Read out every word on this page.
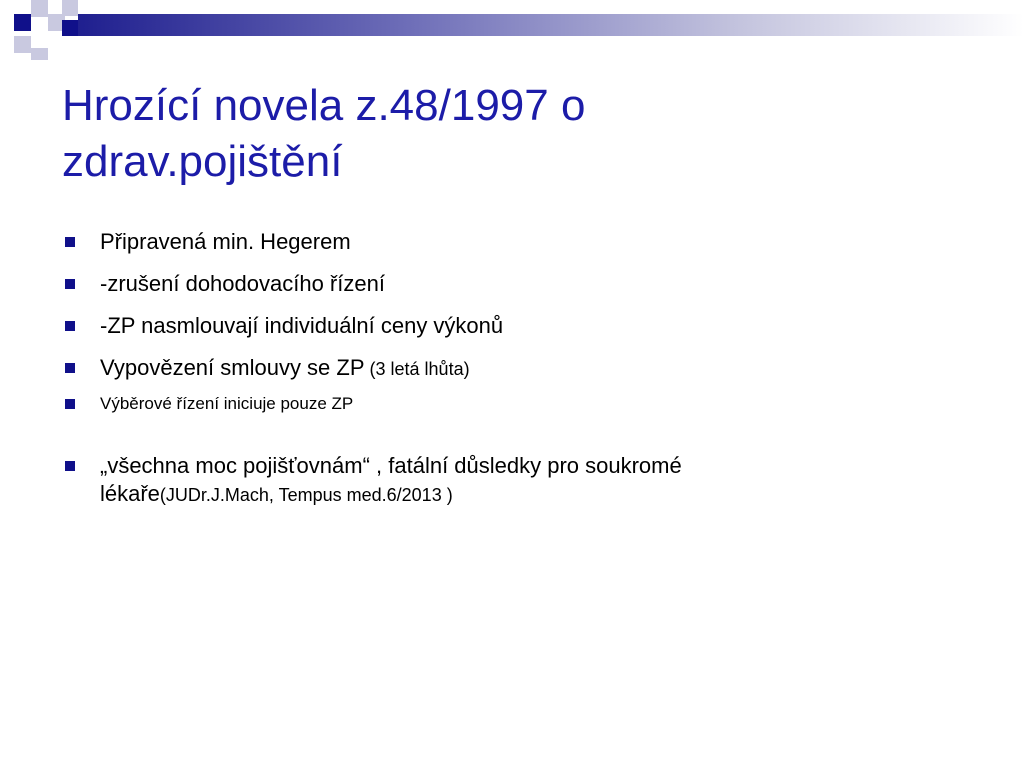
Hrozící novela z.48/1997 o
zdrav.pojištění
Připravená min. Hegerem
-zrušení dohodovacího řízení
-ZP nasmlouvají individuální ceny výkonů
Vypovězení smlouvy se ZP (3 letá lhůta)
Výběrové řízení iniciuje pouze ZP
„všechna moc pojišťovnám“ , fatální důsledky pro soukromé
lékaře(JUDr.J.Mach, Tempus med.6/2013 )
